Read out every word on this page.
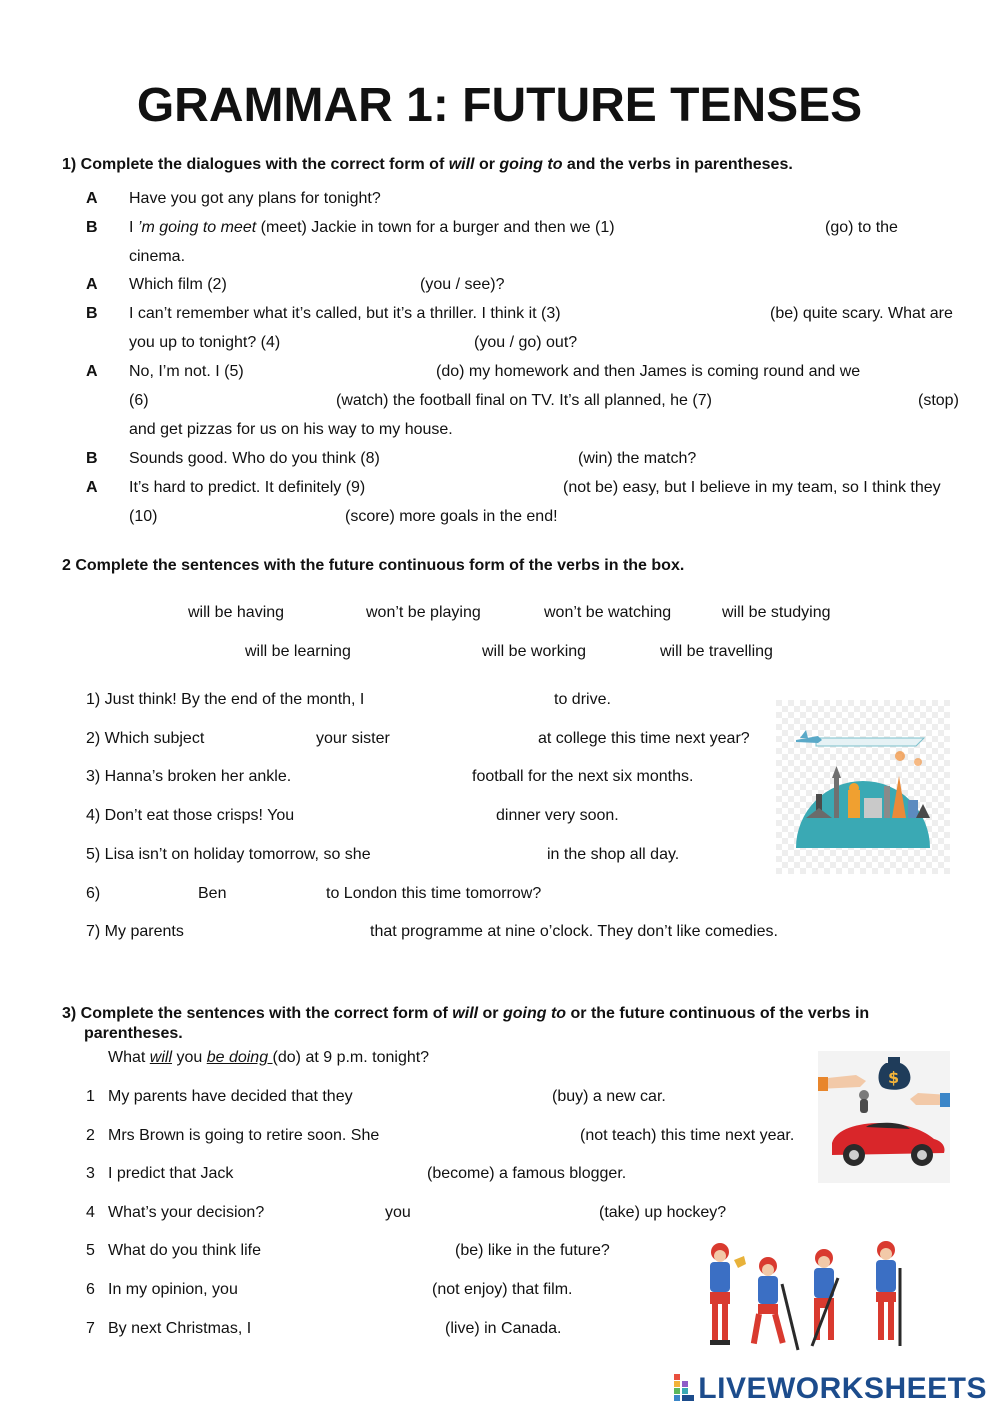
GRAMMAR 1: FUTURE TENSES
1) Complete the dialogues with the correct form of will or going to and the verbs in parentheses.
A Have you got any plans for tonight?
B I ’m going to meet (meet) Jackie in town for a burger and then we (1)	(go) to the
cinema.
A Which film (2)	(you / see)?
B I can’t remember what it’s called, but it’s a thriller. I think it (3)	(be) quite scary. What are
you up to tonight? (4)	(you / go) out?
A No, I’m not. I (5)	(do) my homework and then James is coming round and we
(6)	(watch) the football final on TV. It’s all planned, he (7)	(stop)
and get pizzas for us on his way to my house.
B Sounds good. Who do you think (8)	(win) the match?
A It’s hard to predict. It definitely (9)	(not be) easy, but I believe in my team, so I think they
(10)	(score) more goals in the end!
2 Complete the sentences with the future continuous form of the verbs in the box.
will be having	won’t be playing	won’t be watching	will be studying
will be learning	will be working	will be travelling
1) Just think! By the end of the month, I	to drive.
2) Which subject	your sister	at college this time next year?
3) Hanna’s broken her ankle.	football for the next six months.
4) Don’t eat those crisps! You	dinner very soon.
5) Lisa isn’t on holiday tomorrow, so she	in the shop all day.
6)	Ben	to London this time tomorrow?
7) My parents	that programme at nine o’clock. They don’t like comedies.
3) Complete the sentences with the correct form of will or going to or the future continuous of the verbs in
parentheses.
What will you be doing (do) at 9 p.m. tonight?
1 My parents have decided that they	(buy) a new car.
2 Mrs Brown is going to retire soon. She	(not teach) this time next year.
3 I predict that Jack	(become) a famous blogger.
4 What’s your decision?	you	(take) up hockey?
5 What do you think life	(be) like in the future?
6 In my opinion, you	(not enjoy) that film.
7 By next Christmas, I	(live) in Canada.
$
LIVEWORKSHEETS
